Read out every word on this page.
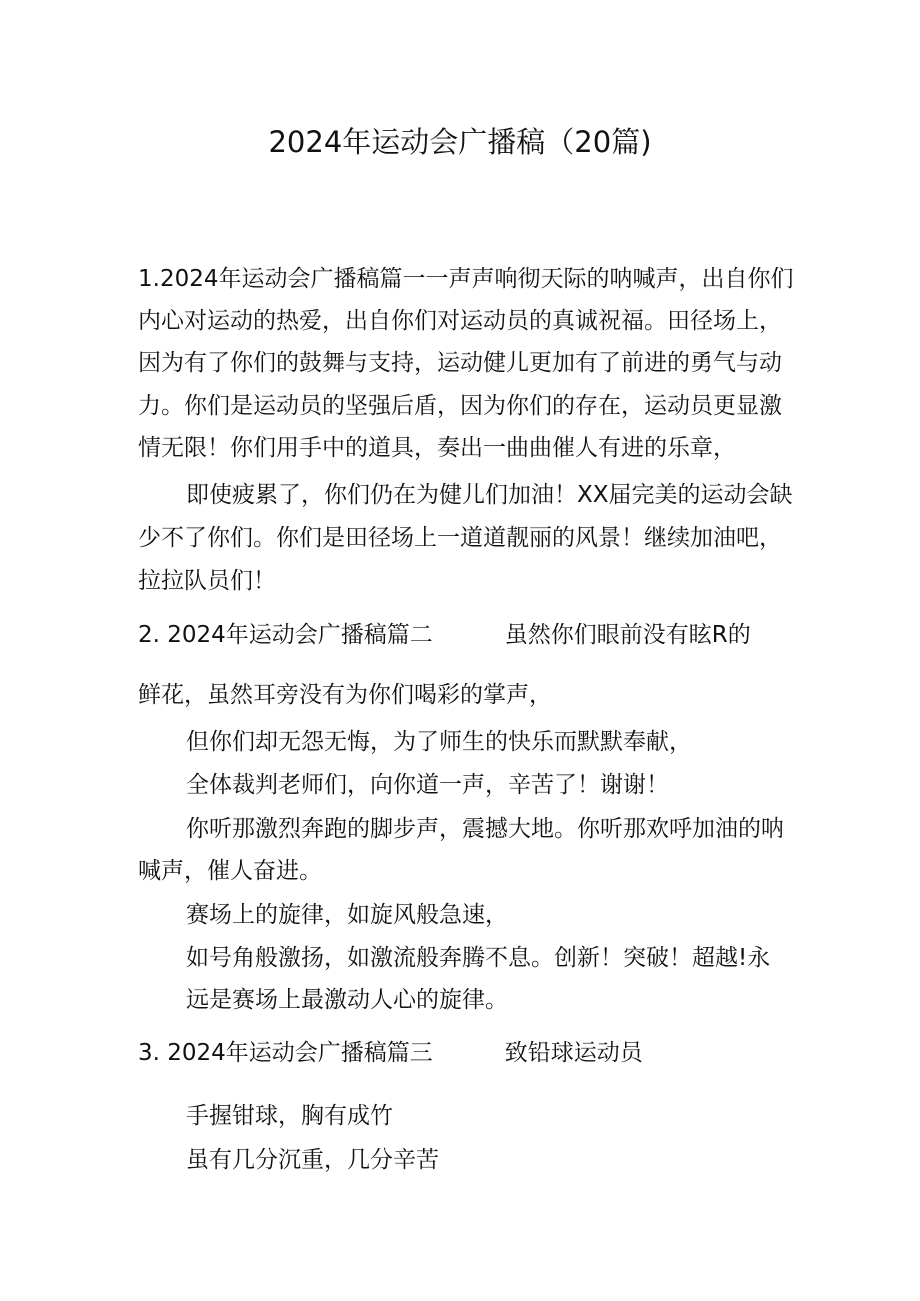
2024年运动会广播稿（20篇)
1.2024年运动会广播稿篇一一声声响彻天际的呐喊声，出自你们
内心对运动的热爱，出自你们对运动员的真诚祝福。田径场上，
因为有了你们的鼓舞与支持，运动健儿更加有了前进的勇气与动
力。你们是运动员的坚强后盾，因为你们的存在，运动员更显激
情无限！你们用手中的道具，奏出一曲曲催人有进的乐章，
即使疲累了，你们仍在为健儿们加油！XX届完美的运动会缺
少不了你们。你们是田径场上一道道靓丽的风景！继续加油吧，
拉拉队员们！
2. 2024年运动会广播稿篇二	虽然你们眼前没有眩R的
鲜花，虽然耳旁没有为你们喝彩的掌声，
但你们却无怨无悔，为了师生的快乐而默默奉献，
全体裁判老师们，向你道一声，辛苦了！谢谢！
你听那激烈奔跑的脚步声，震撼大地。你听那欢呼加油的呐
喊声，催人奋进。
赛场上的旋律，如旋风般急速，
如号角般激扬，如激流般奔腾不息。创新！突破！超越!永
远是赛场上最激动人心的旋律。
3. 2024年运动会广播稿篇三	致铅球运动员
手握钳球，胸有成竹
虽有几分沉重，几分辛苦
